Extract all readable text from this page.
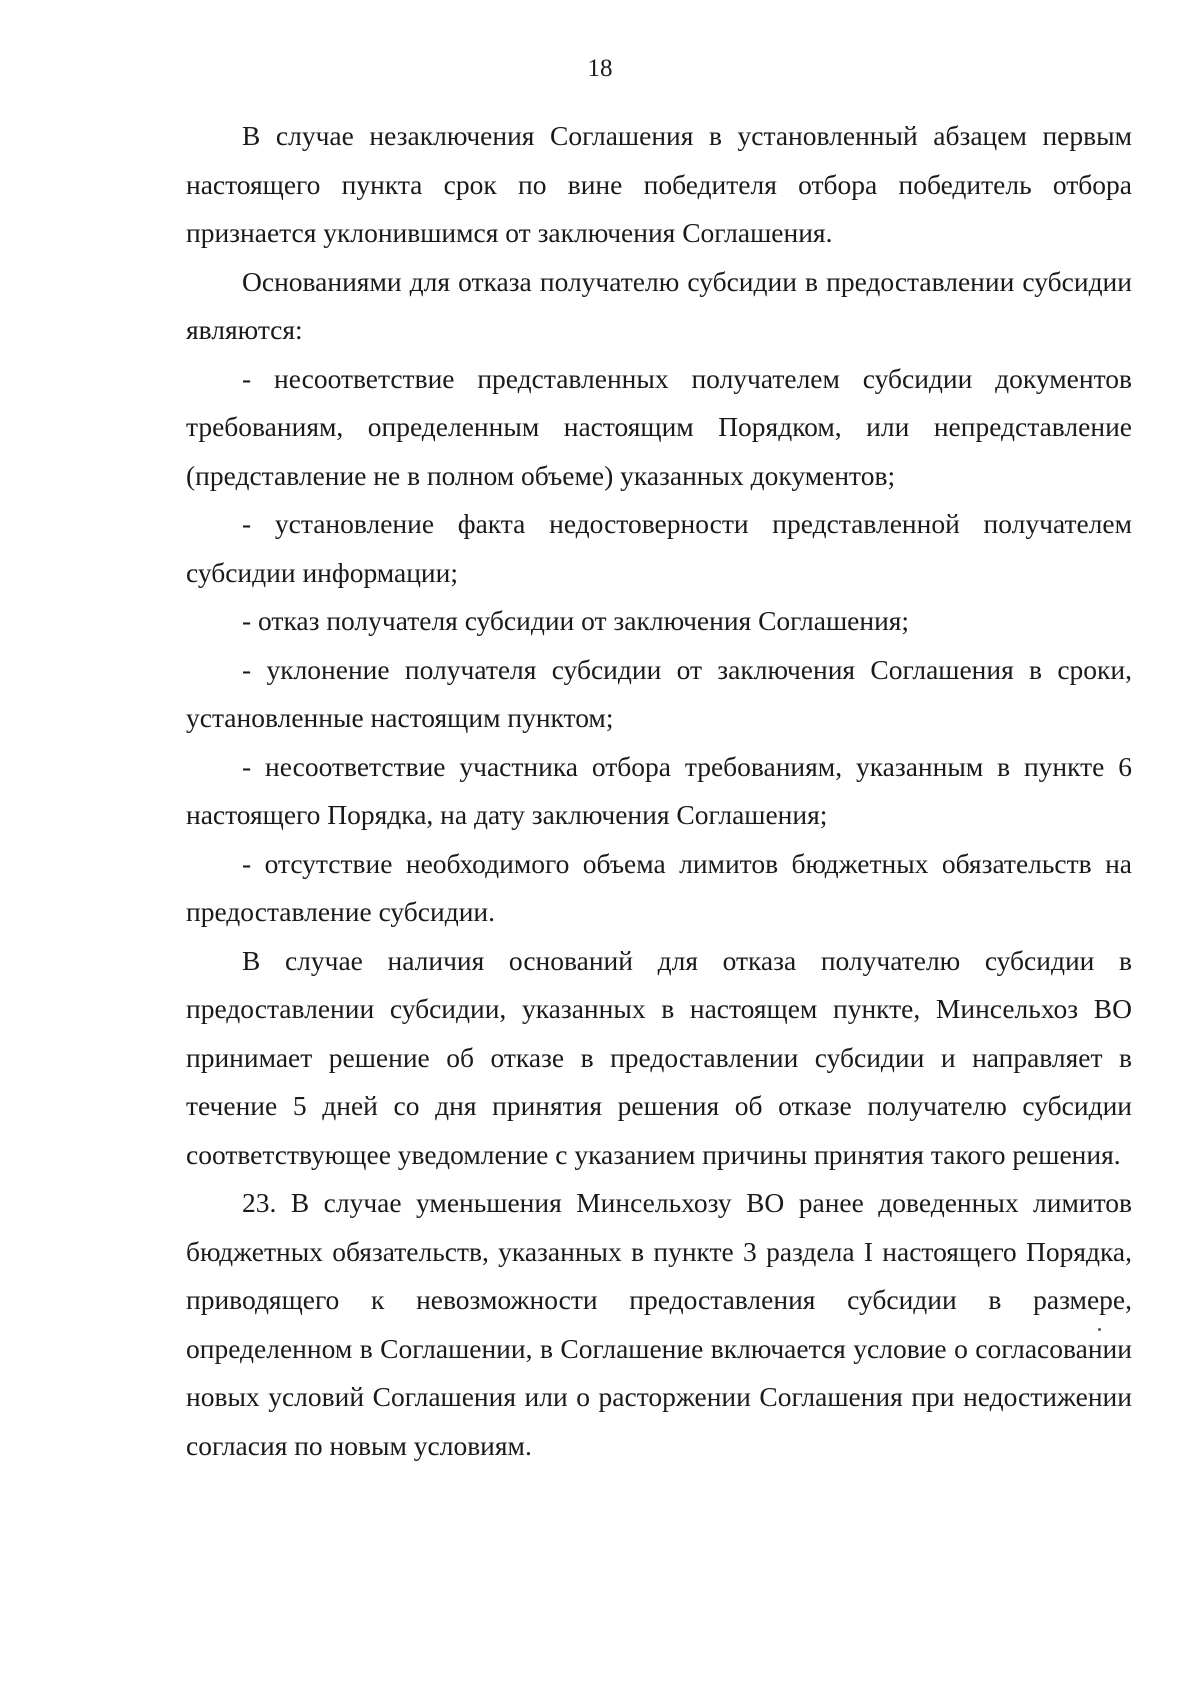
18

В случае незаключения Соглашения в установленный абзацем первым настоящего пункта срок по вине победителя отбора победитель отбора признается уклонившимся от заключения Соглашения.

Основаниями для отказа получателю субсидии в предоставлении субсидии являются:

- несоответствие представленных получателем субсидии документов требованиям, определенным настоящим Порядком, или непредставление (представление не в полном объеме) указанных документов;

- установление факта недостоверности представленной получателем субсидии информации;

- отказ получателя субсидии от заключения Соглашения;

- уклонение получателя субсидии от заключения Соглашения в сроки, установленные настоящим пунктом;

- несоответствие участника отбора требованиям, указанным в пункте 6 настоящего Порядка, на дату заключения Соглашения;

- отсутствие необходимого объема лимитов бюджетных обязательств на предоставление субсидии.

В случае наличия оснований для отказа получателю субсидии в предоставлении субсидии, указанных в настоящем пункте, Минсельхоз ВО принимает решение об отказе в предоставлении субсидии и направляет в течение 5 дней со дня принятия решения об отказе получателю субсидии соответствующее уведомление с указанием причины принятия такого решения.

23. В случае уменьшения Минсельхозу ВО ранее доведенных лимитов бюджетных обязательств, указанных в пункте 3 раздела I настоящего Порядка, приводящего к невозможности предоставления субсидии в размере, определенном в Соглашении, в Соглашение включается условие о согласовании новых условий Соглашения или о расторжении Соглашения при недостижении согласия по новым условиям.
